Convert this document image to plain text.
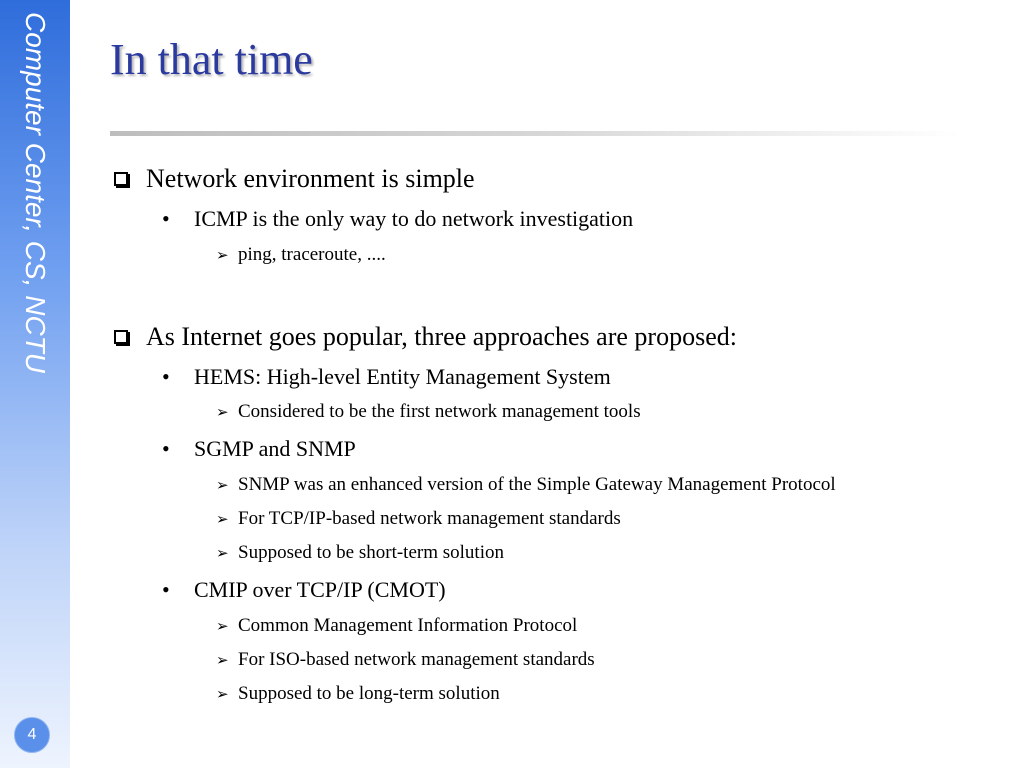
Computer Center, CS, NCTU
4
In that time
Network environment is simple
• ICMP is the only way to do network investigation
➢ ping, traceroute, ....
As Internet goes popular, three approaches are proposed:
• HEMS: High-level Entity Management System
➢ Considered to be the first network management tools
• SGMP and SNMP
➢ SNMP was an enhanced version of the Simple Gateway Management Protocol
➢ For TCP/IP-based network management standards
➢ Supposed to be short-term solution
• CMIP over TCP/IP (CMOT)
➢ Common Management Information Protocol
➢ For ISO-based network management standards
➢ Supposed to be long-term solution
